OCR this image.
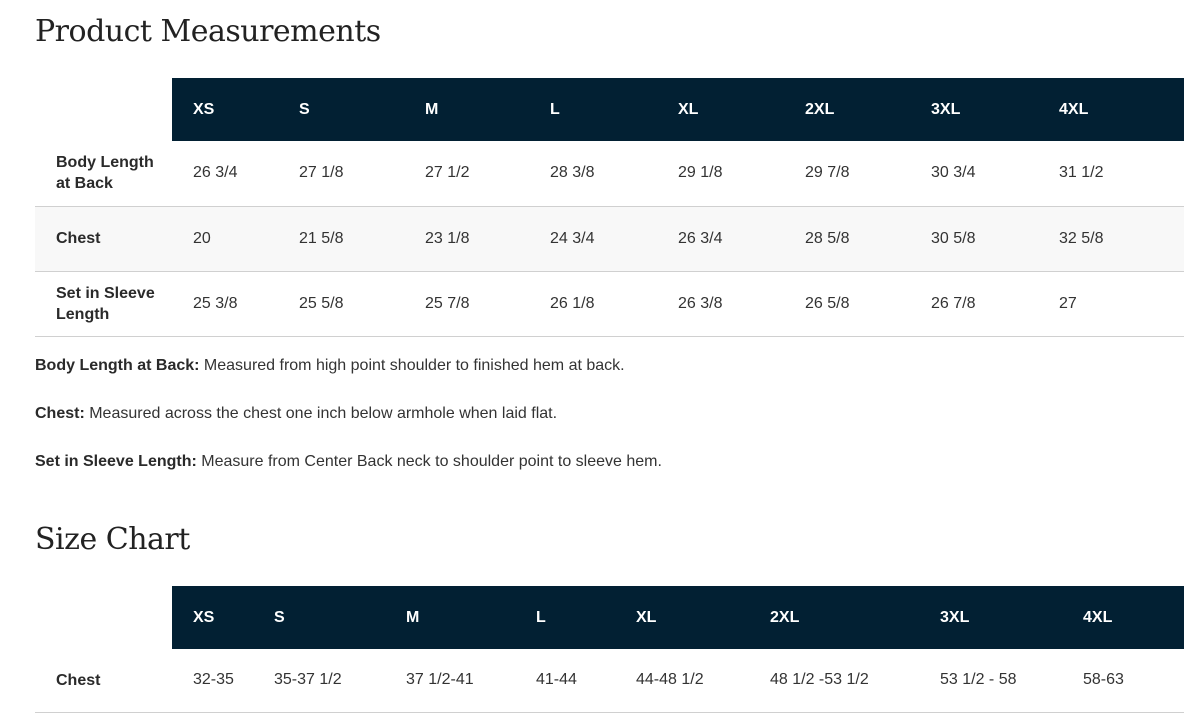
Product Measurements
	XS	S	M	L	XL	2XL	3XL	4XL
Body Length at Back	26 3/4	27 1/8	27 1/2	28 3/8	29 1/8	29 7/8	30 3/4	31 1/2
Chest	20	21 5/8	23 1/8	24 3/4	26 3/4	28 5/8	30 5/8	32 5/8
Set in Sleeve Length	25 3/8	25 5/8	25 7/8	26 1/8	26 3/8	26 5/8	26 7/8	27

Body Length at Back: Measured from high point shoulder to finished hem at back.

Chest: Measured across the chest one inch below armhole when laid flat.

Set in Sleeve Length: Measure from Center Back neck to shoulder point to sleeve hem.

Size Chart
	XS	S	M	L	XL	2XL	3XL	4XL
Chest	32-35	35-37 1/2	37 1/2-41	41-44	44-48 1/2	48 1/2 -53 1/2	53 1/2 - 58	58-63
